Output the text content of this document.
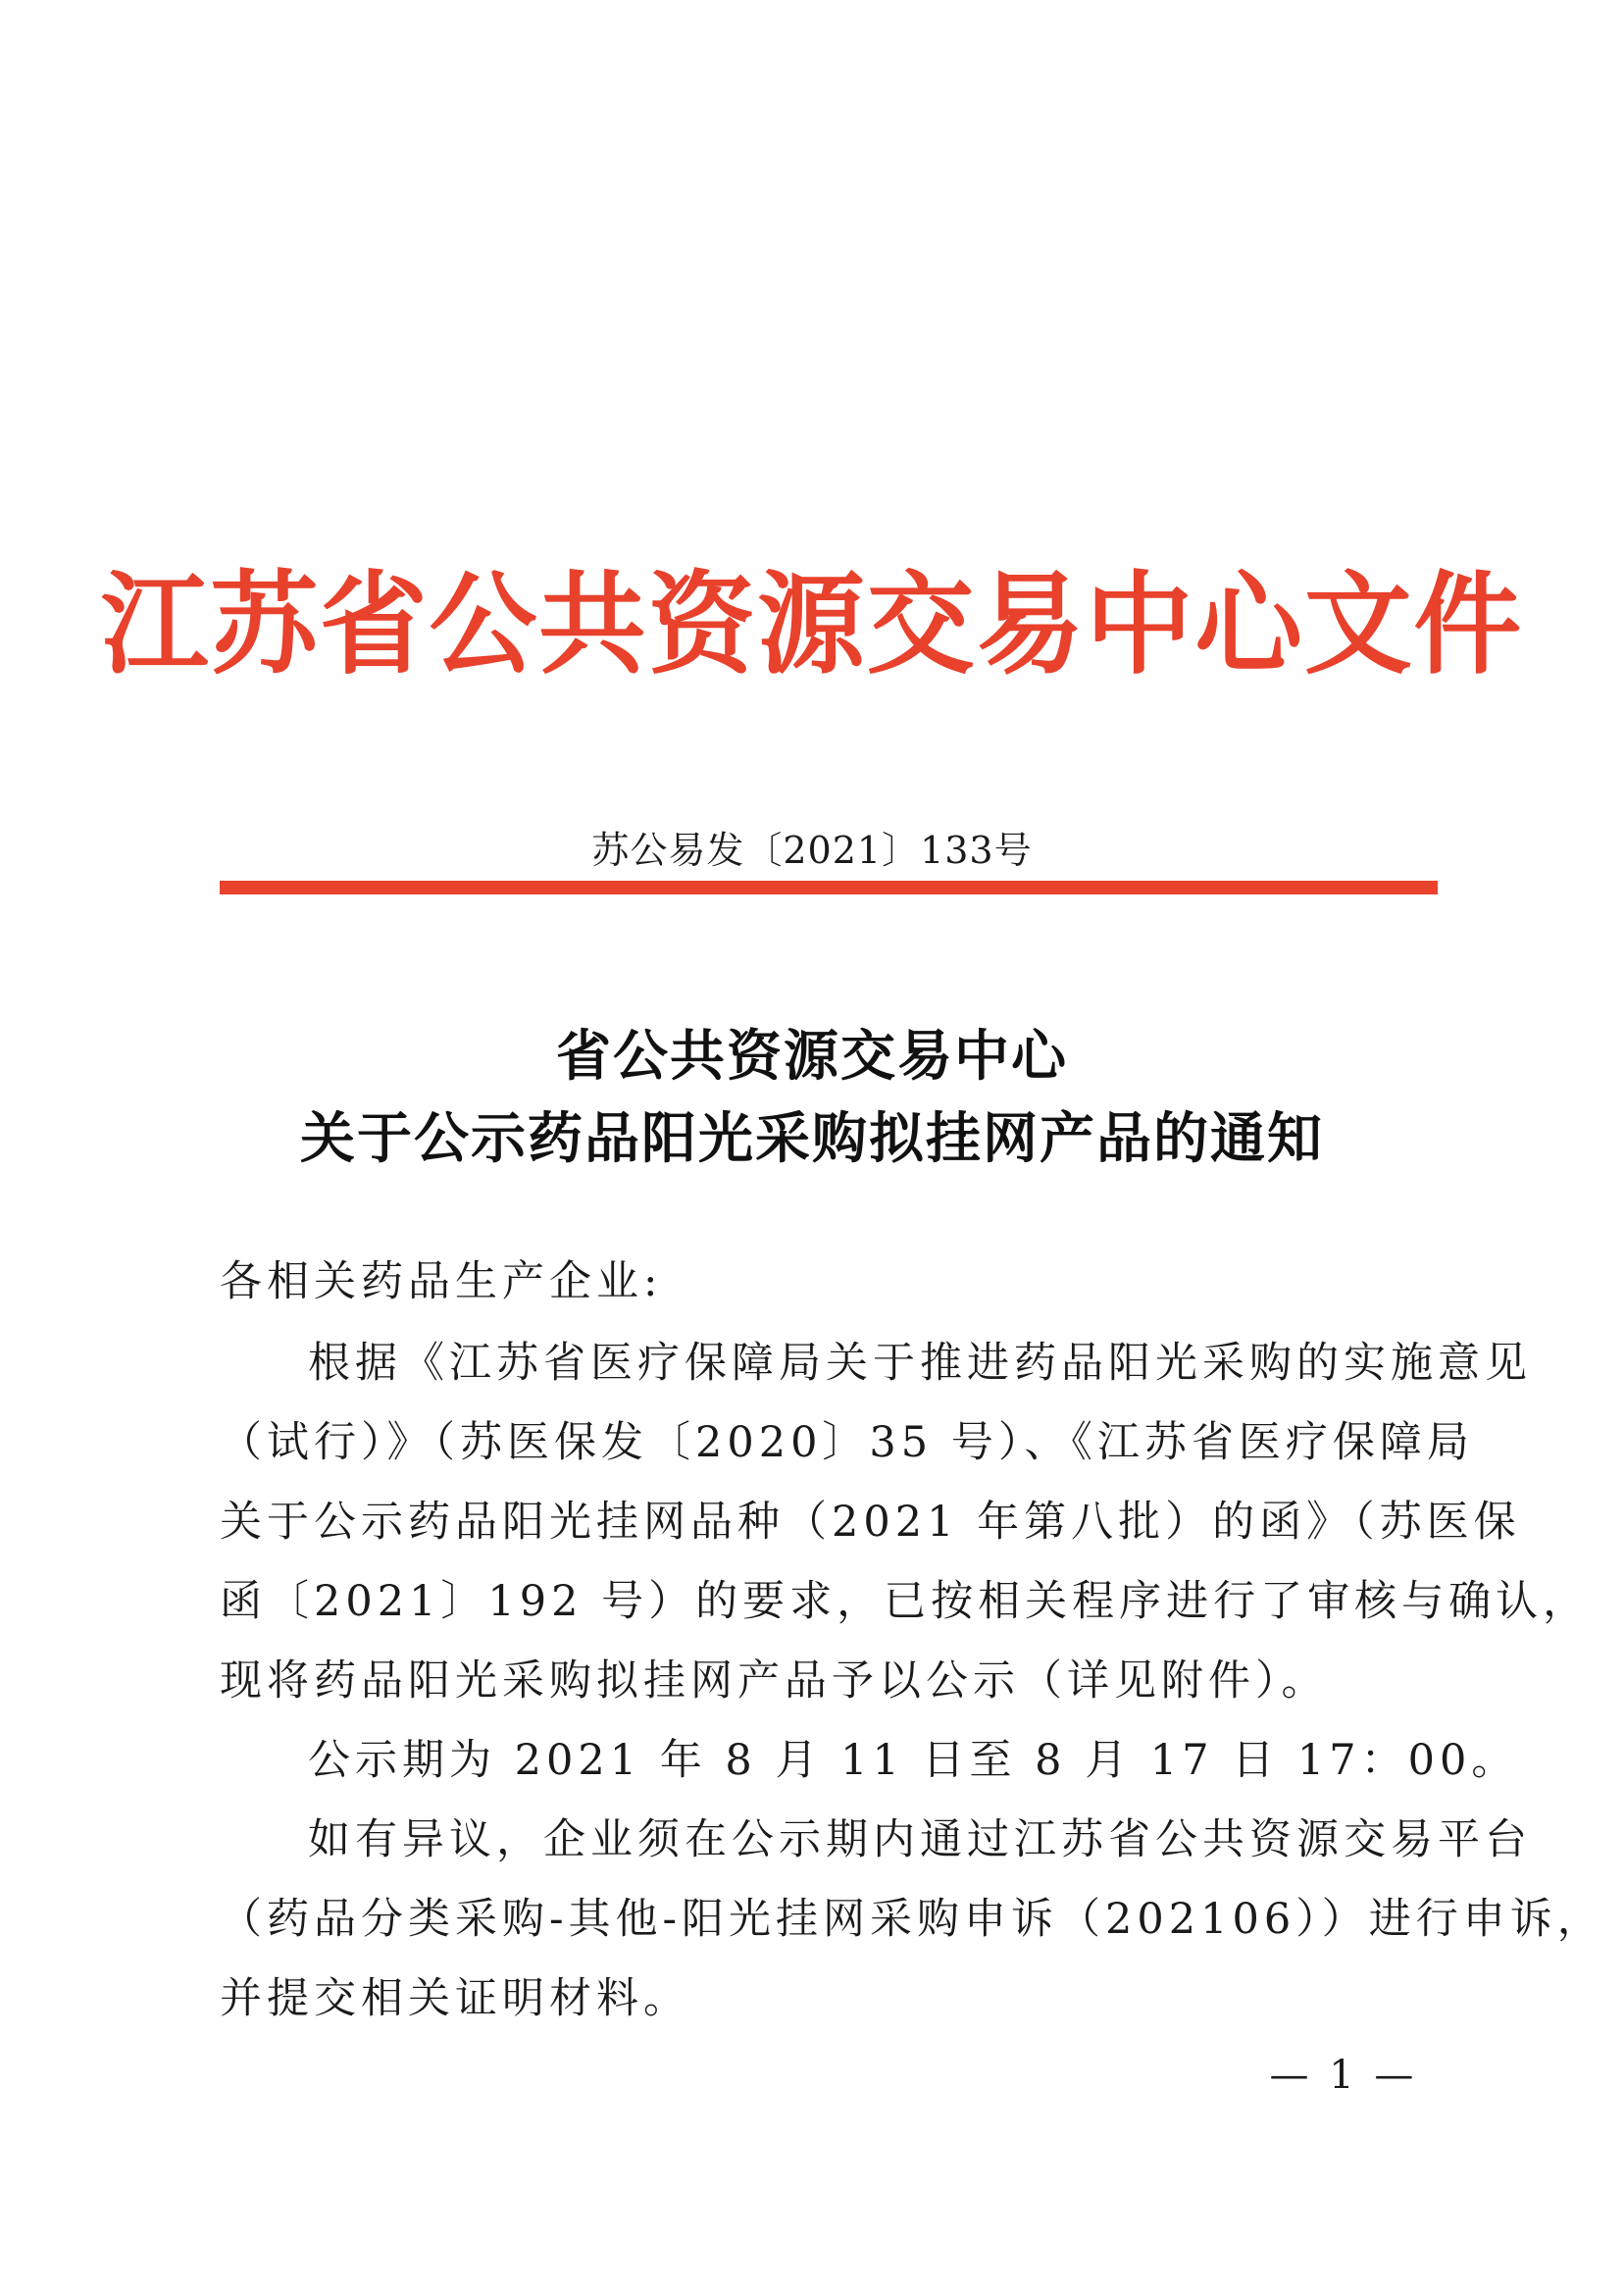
江苏省公共资源交易中心文件
苏公易发〔2021〕133号
省公共资源交易中心
关于公示药品阳光采购拟挂网产品的通知
各相关药品生产企业:
根据《江苏省医疗保障局关于推进药品阳光采购的实施意见
（试行）》（苏医保发〔2020〕35 号）、《江苏省医疗保障局
关于公示药品阳光挂网品种（2021 年第八批）的函》（苏医保
函〔2021〕192 号）的要求，已按相关程序进行了审核与确认，
现将药品阳光采购拟挂网产品予以公示（详见附件）。
公示期为 2021 年 8 月 11 日至 8 月 17 日 17：00。
如有异议，企业须在公示期内通过江苏省公共资源交易平台
（药品分类采购-其他-阳光挂网采购申诉（202106））进行申诉，
并提交相关证明材料。
— 1 —
